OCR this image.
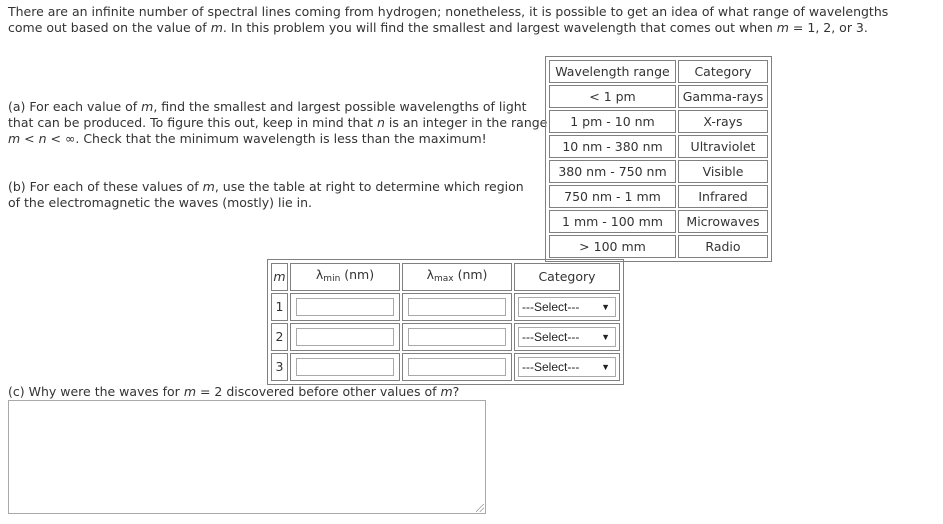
There are an infinite number of spectral lines coming from hydrogen; nonetheless, it is possible to get an idea of what range of wavelengths come out based on the value of m. In this problem you will find the smallest and largest wavelength that comes out when m = 1, 2, or 3.
(a) For each value of m, find the smallest and largest possible wavelengths of light that can be produced. To figure this out, keep in mind that n is an integer in the range m < n < ∞. Check that the minimum wavelength is less than the maximum!
(b) For each of these values of m, use the table at right to determine which region of the electromagnetic the waves (mostly) lie in.
Wavelength range	Category
< 1 pm	Gamma-rays
1 pm - 10 nm	X-rays
10 nm - 380 nm	Ultraviolet
380 nm - 750 nm	Visible
750 nm - 1 mm	Infrared
1 mm - 100 mm	Microwaves
> 100 mm	Radio
m	$\lambda_{min}$ (nm)	$\lambda_{max}$ (nm)	Category
1			---Select--- ▼

2			---Select--- ▼

3			---Select--- ▼
(c) Why were the waves for m = 2 discovered before other values of m?
